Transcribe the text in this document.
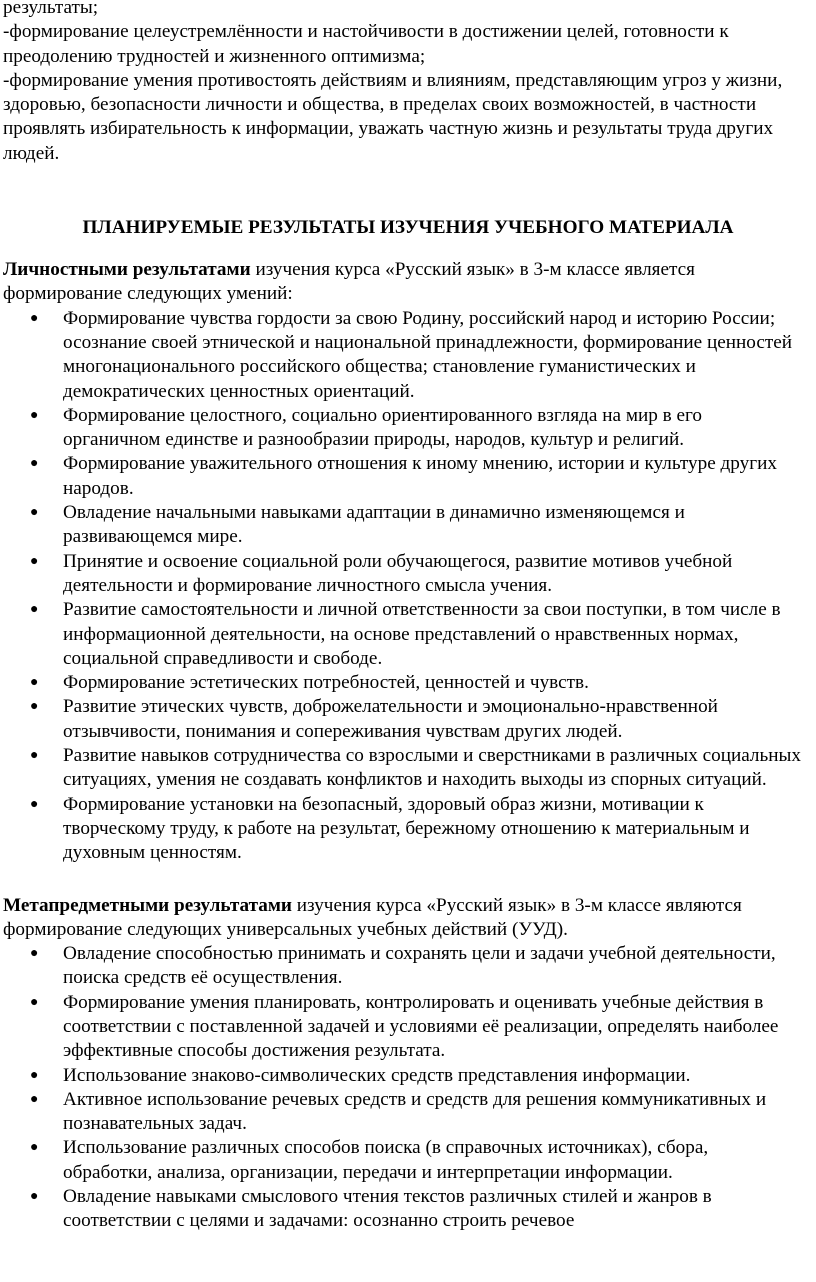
результаты;

-формирование целеустремлённости и настойчивости в достижении целей, готовности к преодолению трудностей и жизненного оптимизма;

-формирование умения противостоять действиям и влияниям, представляющим угроз у жизни, здоровью, безопасности личности и общества, в пределах своих возможностей, в частности проявлять избирательность к информации, уважать частную жизнь и результаты труда других людей.

ПЛАНИРУЕМЫЕ РЕЗУЛЬТАТЫ ИЗУЧЕНИЯ УЧЕБНОГО МАТЕРИАЛА

Личностными результатами изучения курса «Русский язык» в 3-м классе является формирование следующих умений:

● Формирование чувства гордости за свою Родину, российский народ и историю России; осознание своей этнической и национальной принадлежности, формирование ценностей многонационального российского общества; становление гуманистических и демократических ценностных ориентаций.
● Формирование целостного, социально ориентированного взгляда на мир в его органичном единстве и разнообразии природы, народов, культур и религий.
● Формирование уважительного отношения к иному мнению, истории и культуре других народов.
● Овладение начальными навыками адаптации в динамично изменяющемся и развивающемся мире.
● Принятие и освоение социальной роли обучающегося, развитие мотивов учебной деятельности и формирование личностного смысла учения.
● Развитие самостоятельности и личной ответственности за свои поступки, в том числе в информационной деятельности, на основе представлений о нравственных нормах, социальной справедливости и свободе.
● Формирование эстетических потребностей, ценностей и чувств.
● Развитие этических чувств, доброжелательности и эмоционально-нравственной отзывчивости, понимания и сопереживания чувствам других людей.
● Развитие навыков сотрудничества со взрослыми и сверстниками в различных социальных ситуациях, умения не создавать конфликтов и находить выходы из спорных ситуаций.
● Формирование установки на безопасный, здоровый образ жизни, мотивации к творческому труду, к работе на результат, бережному отношению к материальным и духовным ценностям.

Метапредметными результатами изучения курса «Русский язык» в 3-м классе являются формирование следующих универсальных учебных действий (УУД).

● Овладение способностью принимать и сохранять цели и задачи учебной деятельности, поиска средств её осуществления.
● Формирование умения планировать, контролировать и оценивать учебные действия в соответствии с поставленной задачей и условиями её реализации, определять наиболее эффективные способы достижения результата.
● Использование знаково-символических средств представления информации.
● Активное использование речевых средств и средств для решения коммуникативных и познавательных задач.
● Использование различных способов поиска (в справочных источниках), сбора, обработки, анализа, организации, передачи и интерпретации информации.
● Овладение навыками смыслового чтения текстов различных стилей и жанров в соответствии с целями и задачами: осознанно строить речевое
